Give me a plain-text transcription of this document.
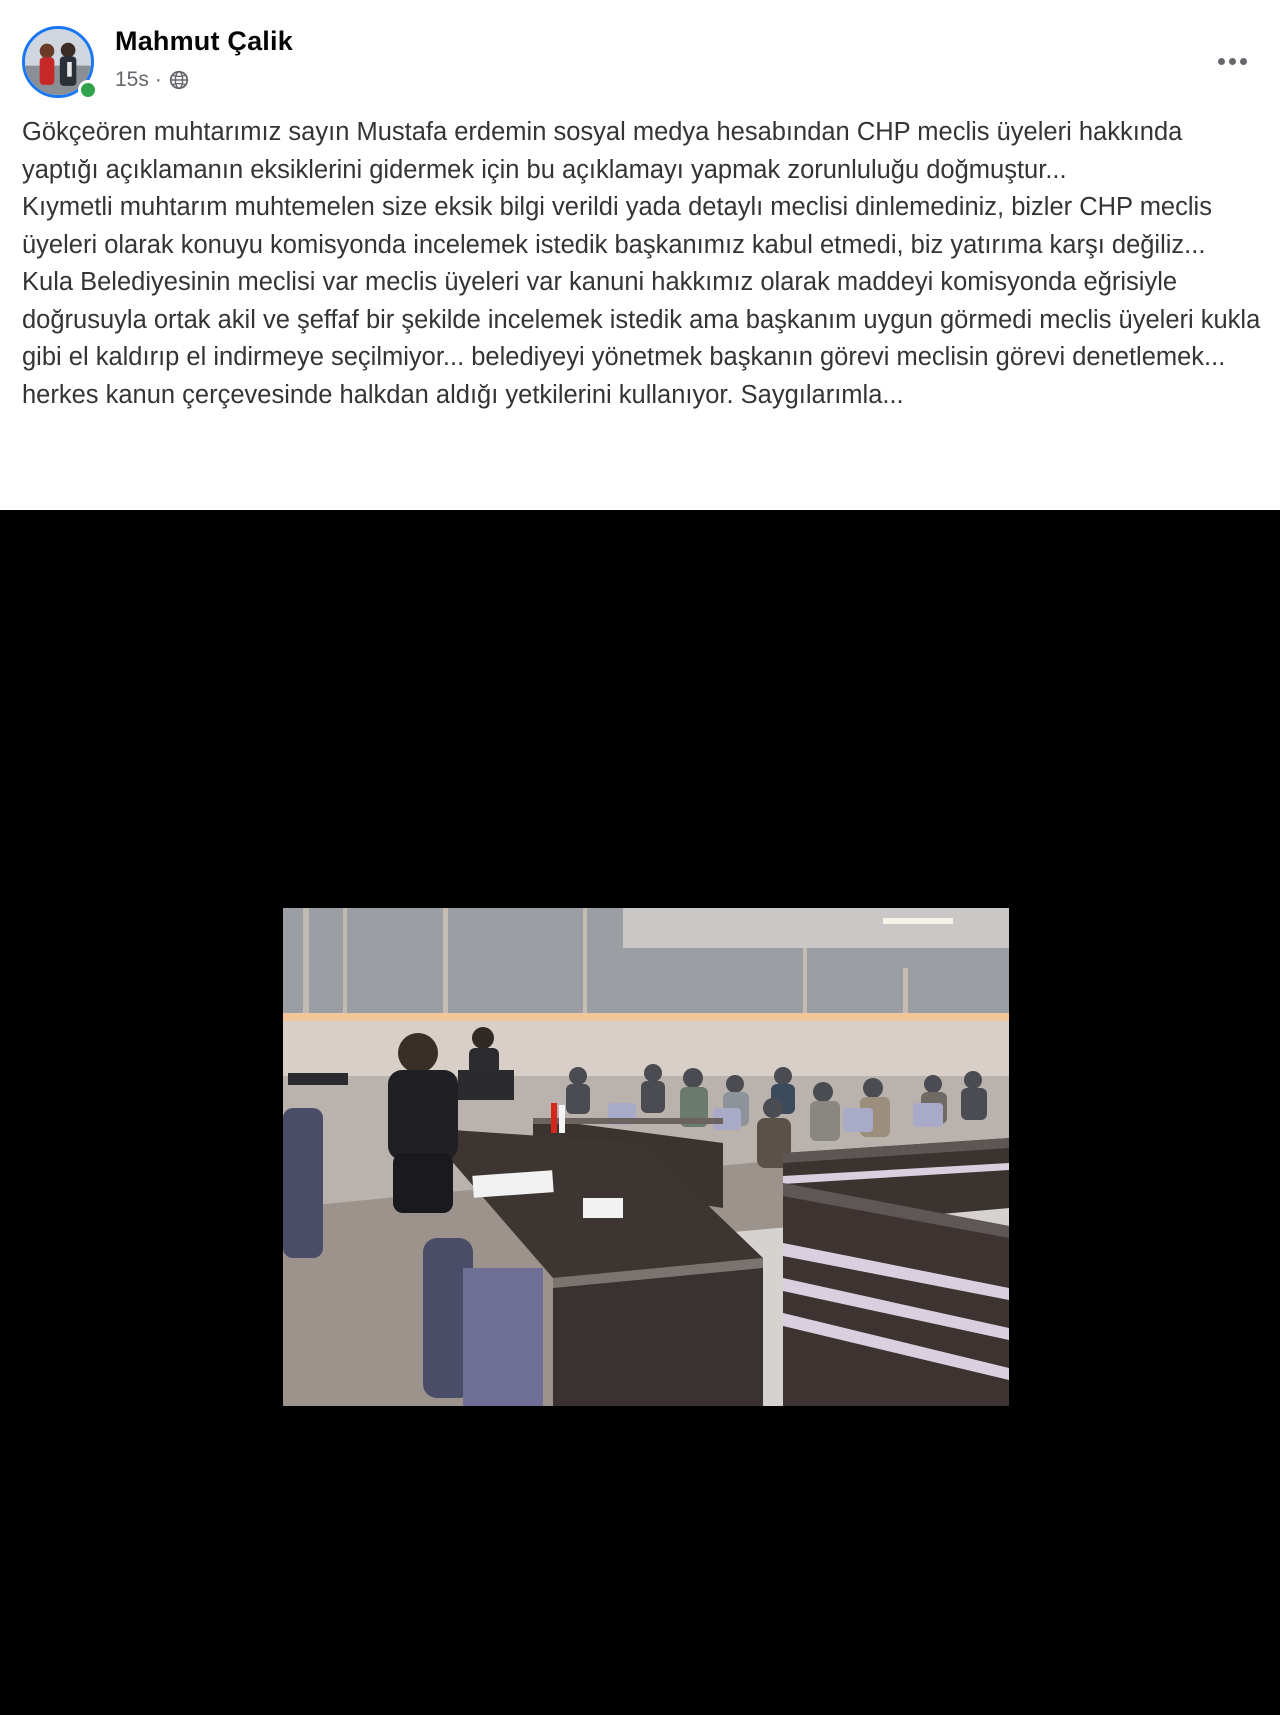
Mahmut Çalik
15s ·
Gökçeören muhtarımız sayın Mustafa erdemin sosyal medya hesabından CHP meclis üyeleri hakkında yaptığı açıklamanın eksiklerini gidermek için bu açıklamayı yapmak zorunluluğu doğmuştur...
Kıymetli muhtarım muhtemelen size eksik bilgi verildi yada detaylı meclisi dinlemediniz, bizler CHP meclis üyeleri olarak konuyu komisyonda incelemek istedik başkanımız kabul etmedi, biz yatırıma karşı değiliz... Kula Belediyesinin meclisi var meclis üyeleri var kanuni hakkımız olarak maddeyi komisyonda eğrisiyle doğrusuyla ortak akil ve şeffaf bir şekilde incelemek istedik ama başkanım uygun görmedi meclis üyeleri kukla gibi el kaldırıp el indirmeye seçilmiyor... belediyeyi yönetmek başkanın görevi meclisin görevi denetlemek... herkes kanun çerçevesinde halkdan aldığı yetkilerini kullanıyor. Saygılarımla...
